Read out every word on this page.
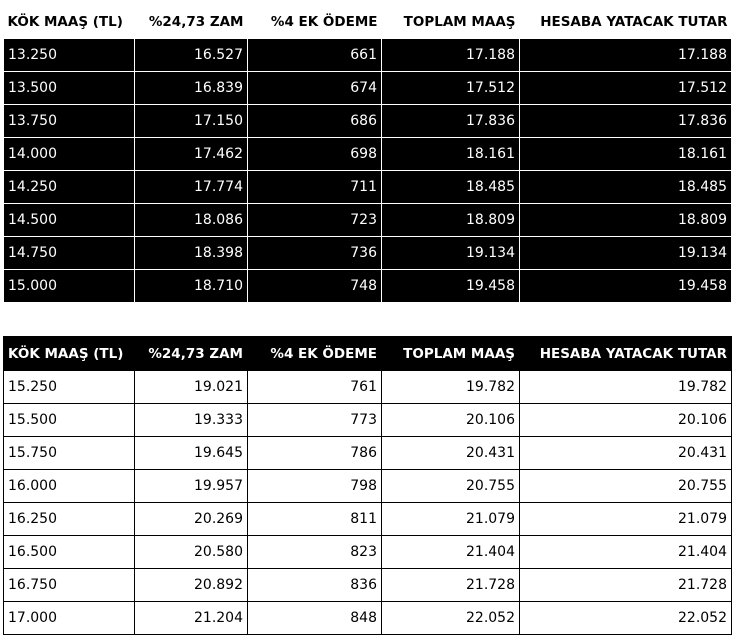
KÖK MAAŞ (TL)	%24,73 ZAM	%4 EK ÖDEME	TOPLAM MAAŞ	HESABA YATACAK TUTAR
13.250	16.527	661	17.188	17.188
13.500	16.839	674	17.512	17.512
13.750	17.150	686	17.836	17.836
14.000	17.462	698	18.161	18.161
14.250	17.774	711	18.485	18.485
14.500	18.086	723	18.809	18.809
14.750	18.398	736	19.134	19.134
15.000	18.710	748	19.458	19.458
KÖK MAAŞ (TL)	%24,73 ZAM	%4 EK ÖDEME	TOPLAM MAAŞ	HESABA YATACAK TUTAR
15.250	19.021	761	19.782	19.782
15.500	19.333	773	20.106	20.106
15.750	19.645	786	20.431	20.431
16.000	19.957	798	20.755	20.755
16.250	20.269	811	21.079	21.079
16.500	20.580	823	21.404	21.404
16.750	20.892	836	21.728	21.728
17.000	21.204	848	22.052	22.052
